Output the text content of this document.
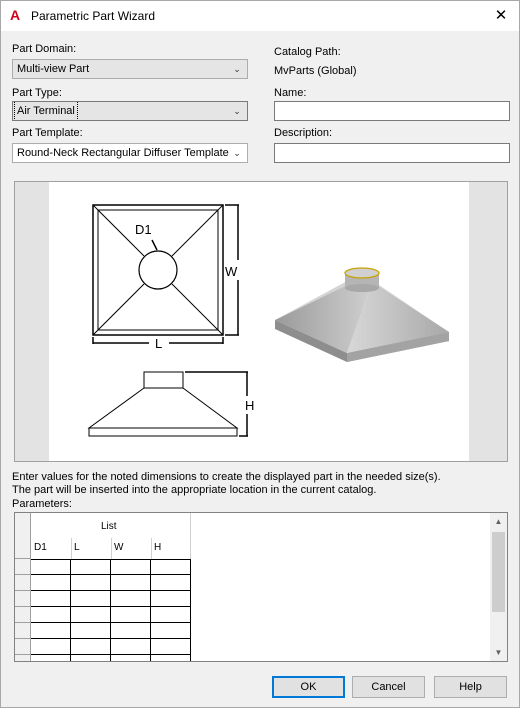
A Parametric Part Wizard	✕
Part Domain:
Multi-view Part	⌄
Part Type:
Air Terminal	⌄
Part Template:
Round-Neck Rectangular Diffuser Template ⌄
Catalog Path:
MvParts (Global)
Name:
Description:
D1
W
L
H
Enter values for the noted dimensions to create the displayed part in the needed size(s).
The part will be inserted into the appropriate location in the current catalog.
Parameters:
List
D1	L	W	H
▲
▼
OK	Cancel	Help
